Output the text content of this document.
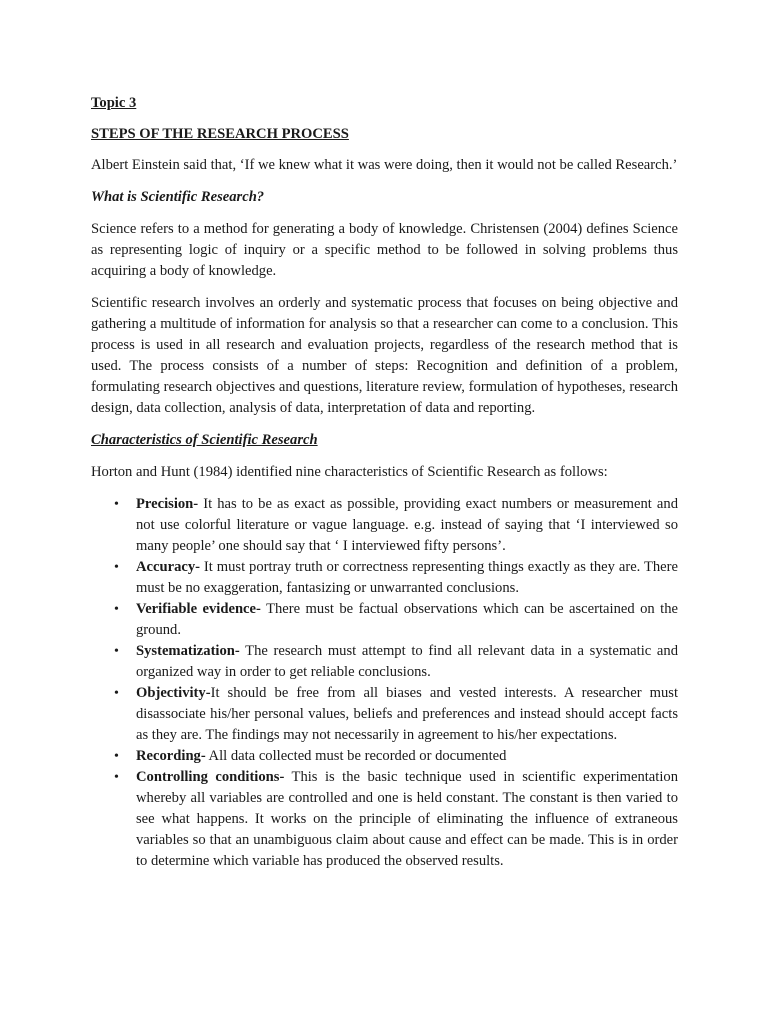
Topic 3
STEPS OF THE RESEARCH PROCESS

Albert Einstein said that, ‘If we knew what it was were doing, then it would not be called Research.’

What is Scientific Research?

Science refers to a method for generating a body of knowledge. Christensen (2004) defines Science as representing logic of inquiry or a specific method to be followed in solving problems thus acquiring a body of knowledge.

Scientific research involves an orderly and systematic process that focuses on being objective and gathering a multitude of information for analysis so that a researcher can come to a conclusion. This process is used in all research and evaluation projects, regardless of the research method that is used. The process consists of a number of steps: Recognition and definition of a problem, formulating research objectives and questions, literature review, formulation of hypotheses, research design, data collection, analysis of data, interpretation of data and reporting.

Characteristics of Scientific Research

Horton and Hunt (1984) identified nine characteristics of Scientific Research as follows:

• Precision- It has to be as exact as possible, providing exact numbers or measurement and not use colorful literature or vague language. e.g. instead of saying that ‘I interviewed so many people’ one should say that ‘ I interviewed fifty persons’.
• Accuracy- It must portray truth or correctness representing things exactly as they are. There must be no exaggeration, fantasizing or unwarranted conclusions.
• Verifiable evidence- There must be factual observations which can be ascertained on the ground.
• Systematization- The research must attempt to find all relevant data in a systematic and organized way in order to get reliable conclusions.
• Objectivity-It should be free from all biases and vested interests. A researcher must disassociate his/her personal values, beliefs and preferences and instead should accept facts as they are. The findings may not necessarily in agreement to his/her expectations.
• Recording- All data collected must be recorded or documented
• Controlling conditions- This is the basic technique used in scientific experimentation whereby all variables are controlled and one is held constant. The constant is then varied to see what happens. It works on the principle of eliminating the influence of extraneous variables so that an unambiguous claim about cause and effect can be made. This is in order to determine which variable has produced the observed results.
